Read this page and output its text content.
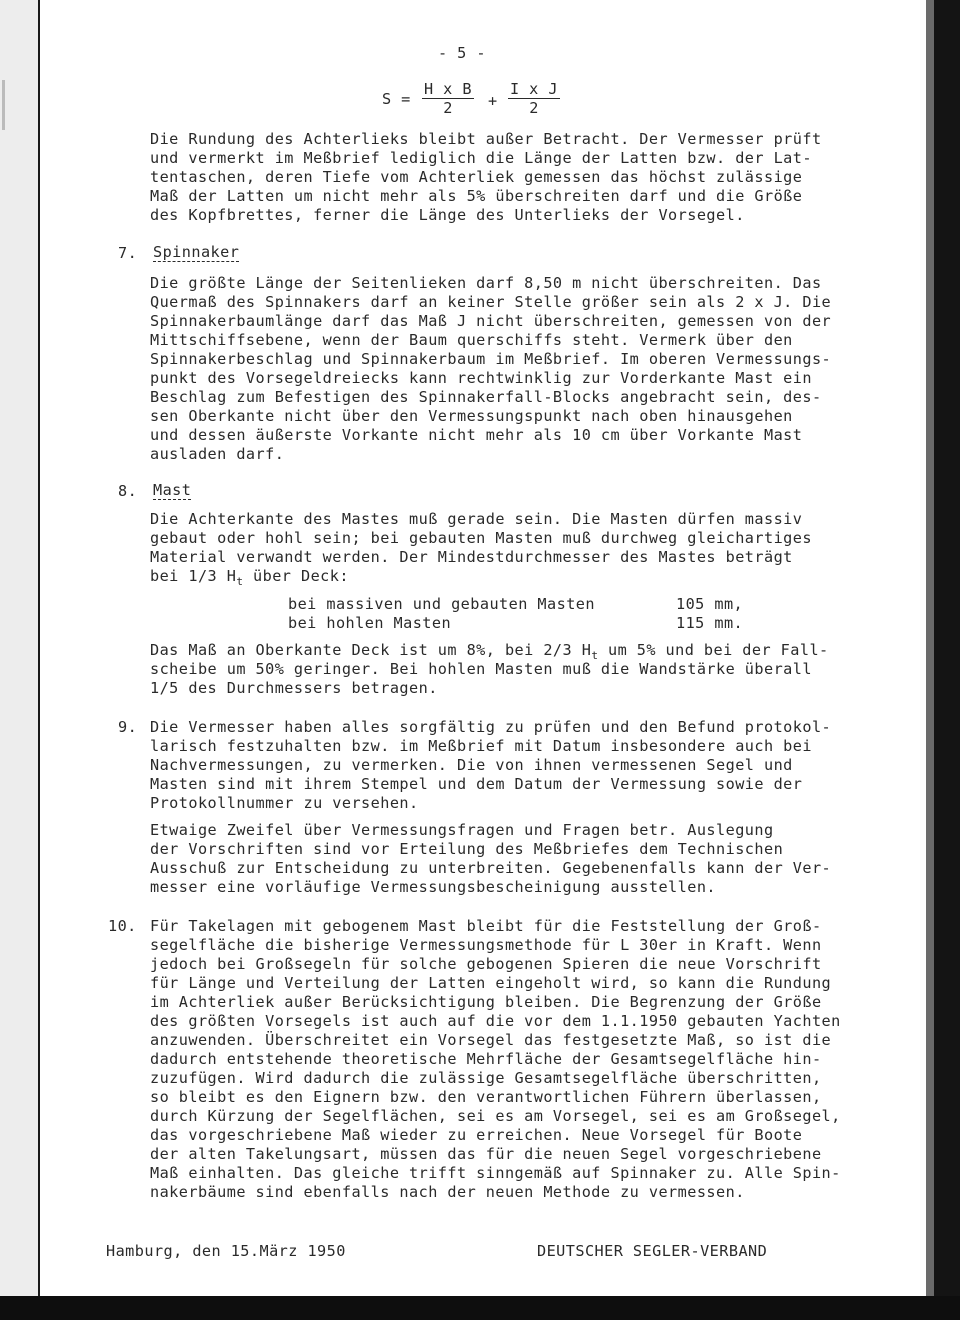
- 5 -
$S = \frac{\text{H x B}}{2} + \frac{\text{I x J}}{2}$
Die Rundung des Achterlieks bleibt außer Betracht. Der Vermesser prüft
und vermerkt im Meßbrief lediglich die Länge der Latten bzw. der Lat-
tentaschen, deren Tiefe vom Achterliek gemessen das höchst zulässige
Maß der Latten um nicht mehr als 5% überschreiten darf und die Größe
des Kopfbrettes, ferner die Länge des Unterlieks der Vorsegel.
7. Spinnaker
Die größte Länge der Seitenlieken darf 8,50 m nicht überschreiten. Das
Quermaß des Spinnakers darf an keiner Stelle größer sein als 2 x J. Die
Spinnakerbaumlänge darf das Maß J nicht überschreiten, gemessen von der
Mittschiffsebene, wenn der Baum querschiffs steht. Vermerk über den
Spinnakerbeschlag und Spinnakerbaum im Meßbrief. Im oberen Vermessungs-
punkt des Vorsegeldreiecks kann rechtwinklig zur Vorderkante Mast ein
Beschlag zum Befestigen des Spinnakerfall-Blocks angebracht sein, des-
sen Oberkante nicht über den Vermessungspunkt nach oben hinausgehen
und dessen äußerste Vorkante nicht mehr als 10 cm über Vorkante Mast
ausladen darf.
8. Mast
Die Achterkante des Mastes muß gerade sein. Die Masten dürfen massiv
gebaut oder hohl sein; bei gebauten Masten muß durchweg gleichartiges
Material verwandt werden. Der Mindestdurchmesser des Mastes beträgt
bei 1/3 $H_t$ über Deck:
bei massiven und gebauten Masten	105 mm,
bei hohlen Masten	115 mm.
Das Maß an Oberkante Deck ist um 8%, bei 2/3 $H_t$ um 5% und bei der Fall-
scheibe um 50% geringer. Bei hohlen Masten muß die Wandstärke überall
1/5 des Durchmessers betragen.
9. Die Vermesser haben alles sorgfältig zu prüfen und den Befund protokol-
larisch festzuhalten bzw. im Meßbrief mit Datum insbesondere auch bei
Nachvermessungen, zu vermerken. Die von ihnen vermessenen Segel und
Masten sind mit ihrem Stempel und dem Datum der Vermessung sowie der
Protokollnummer zu versehen.
Etwaige Zweifel über Vermessungsfragen und Fragen betr. Auslegung
der Vorschriften sind vor Erteilung des Meßbriefes dem Technischen
Ausschuß zur Entscheidung zu unterbreiten. Gegebenenfalls kann der Ver-
messer eine vorläufige Vermessungsbescheinigung ausstellen.
10. Für Takelagen mit gebogenem Mast bleibt für die Feststellung der Groß-
segelfläche die bisherige Vermessungsmethode für L 30er in Kraft. Wenn
jedoch bei Großsegeln für solche gebogenen Spieren die neue Vorschrift
für Länge und Verteilung der Latten eingeholt wird, so kann die Rundung
im Achterliek außer Berücksichtigung bleiben. Die Begrenzung der Größe
des größten Vorsegels ist auch auf die vor dem 1.1.1950 gebauten Yachten
anzuwenden. Überschreitet ein Vorsegel das festgesetzte Maß, so ist die
dadurch entstehende theoretische Mehrfläche der Gesamtsegelfläche hin-
zuzufügen. Wird dadurch die zulässige Gesamtsegelfläche überschritten,
so bleibt es den Eignern bzw. den verantwortlichen Führern überlassen,
durch Kürzung der Segelflächen, sei es am Vorsegel, sei es am Großsegel,
das vorgeschriebene Maß wieder zu erreichen. Neue Vorsegel für Boote
der alten Takelungsart, müssen das für die neuen Segel vorgeschriebene
Maß einhalten. Das gleiche trifft sinngemäß auf Spinnaker zu. Alle Spin-
nakerbäume sind ebenfalls nach der neuen Methode zu vermessen.
Hamburg, den 15.März 1950	DEUTSCHER SEGLER-VERBAND
